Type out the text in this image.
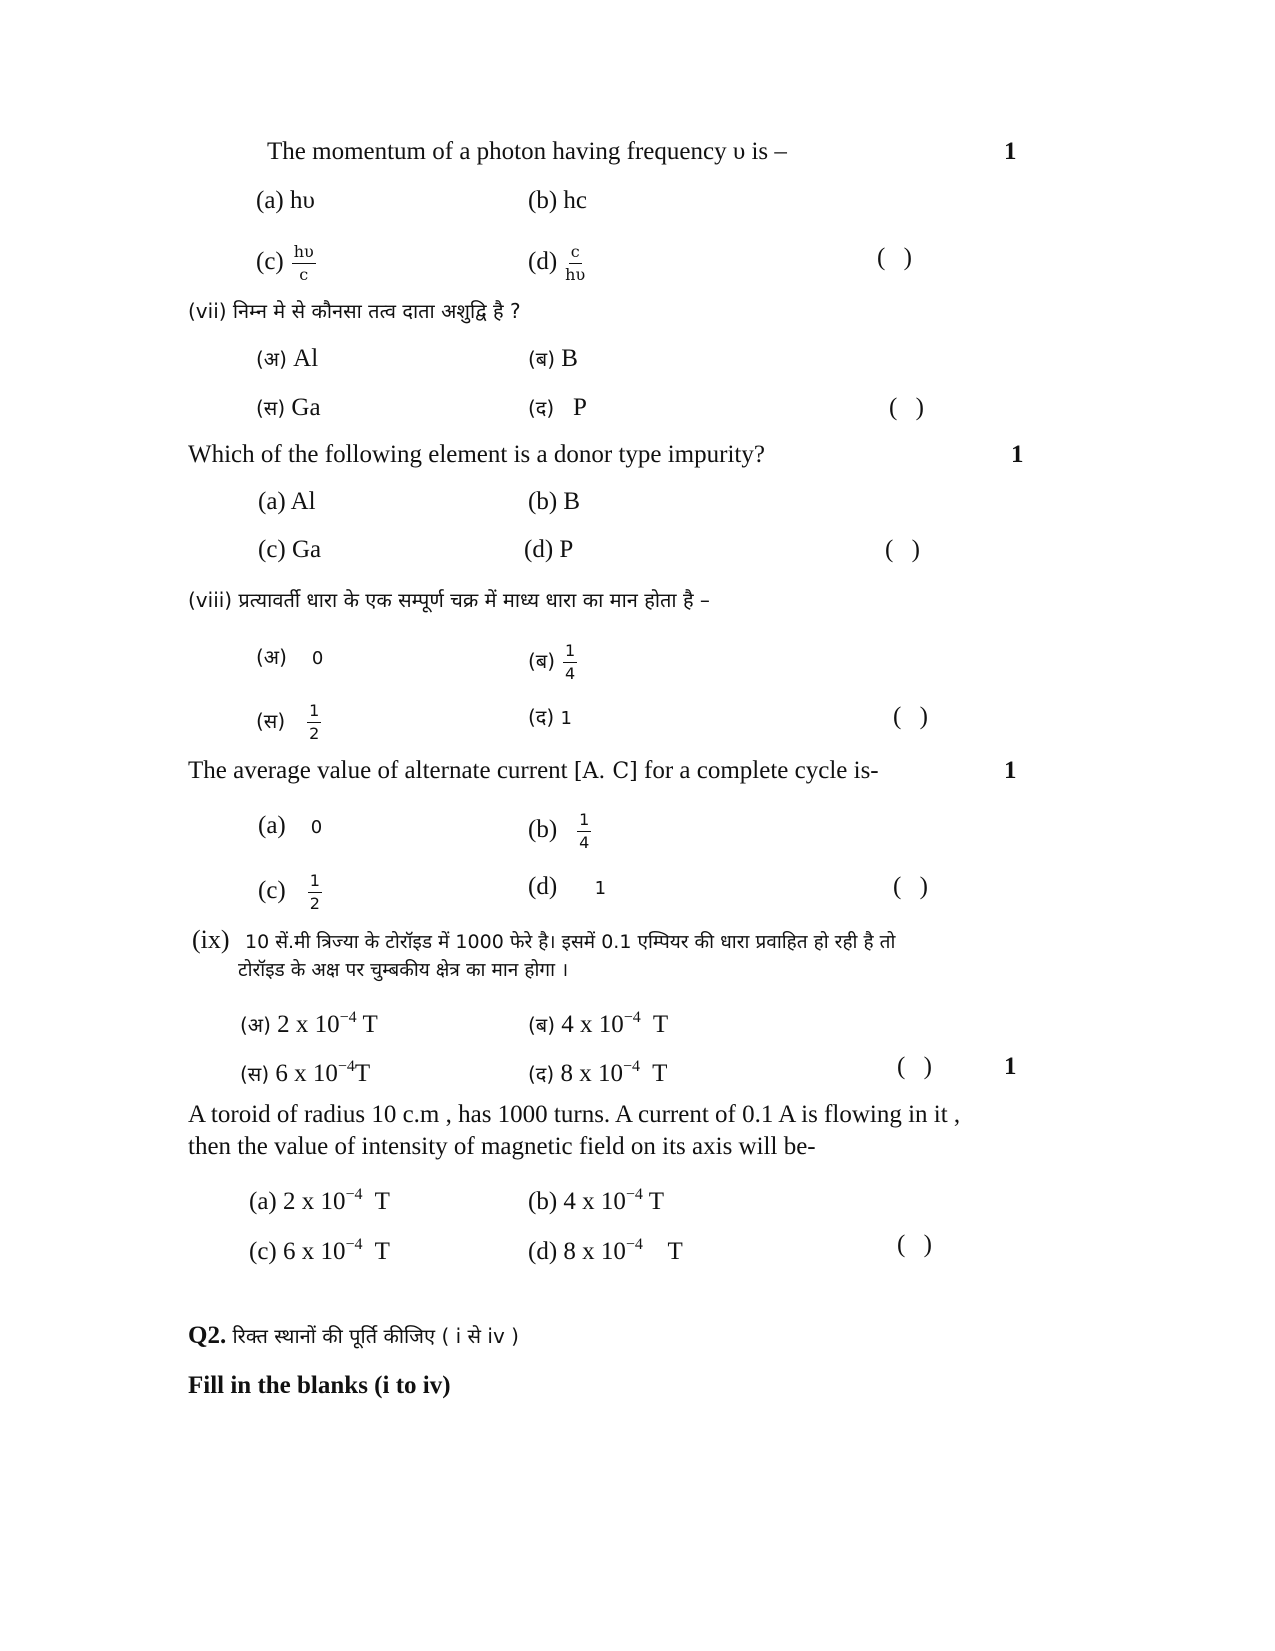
The momentum of a photon having frequency υ is –	1
(a) hυ	(b) hc
$(c) \frac{h\upsilon}{c}$	$(d) \frac{c}{h\upsilon}$	( )
(vii) निम्न मे से कौनसा तत्व दाता अशुद्वि है ?
(अ) Al	(ब) B
(स) Ga	(द) P	( )
Which of the following element is a donor type impurity?	1
(a) Al	(b) B
(c) Ga	(d) P	( )
(viii) प्रत्यावर्ती धारा के एक सम्पूर्ण चक्र में माध्य धारा का मान होता है –
(अ) 0	(ब) $\frac{1}{4}$
(स) $\frac{1}{2}$	(द) 1	( )
The average value of alternate current [A. C] for a complete cycle is-	1
(a) 0	$(b) \frac{1}{4}$
$(c) \frac{1}{2}$	(d) 1	( )
(ix) 10 सें.मी त्रिज्या के टोरॉइड में 1000 फेरे है। इसमें 0.1 एम्पियर की धारा प्रवाहित हो रही है तो
टोरॉइड के अक्ष पर चुम्बकीय क्षेत्र का मान होगा ।
(अ) 2 x $10^{-4}$ T	(ब) 4 x $10^{-4}$ T
(स) 6 x $10^{-4}T$	(द) 8 x $10^{-4}$ T	( )	1
A toroid of radius 10 c.m , has 1000 turns. A current of 0.1 A is flowing in it ,
then the value of intensity of magnetic field on its axis will be-
(a) 2 x $10^{-4}$ T	(b) 4 x $10^{-4}$ T
(c) 6 x $10^{-4}$ T	(d) 8 x $10^{-4}$ T	( )
Q2. रिक्त स्थानों की पूर्ति कीजिए ( i से iv )
Fill in the blanks (i to iv)
